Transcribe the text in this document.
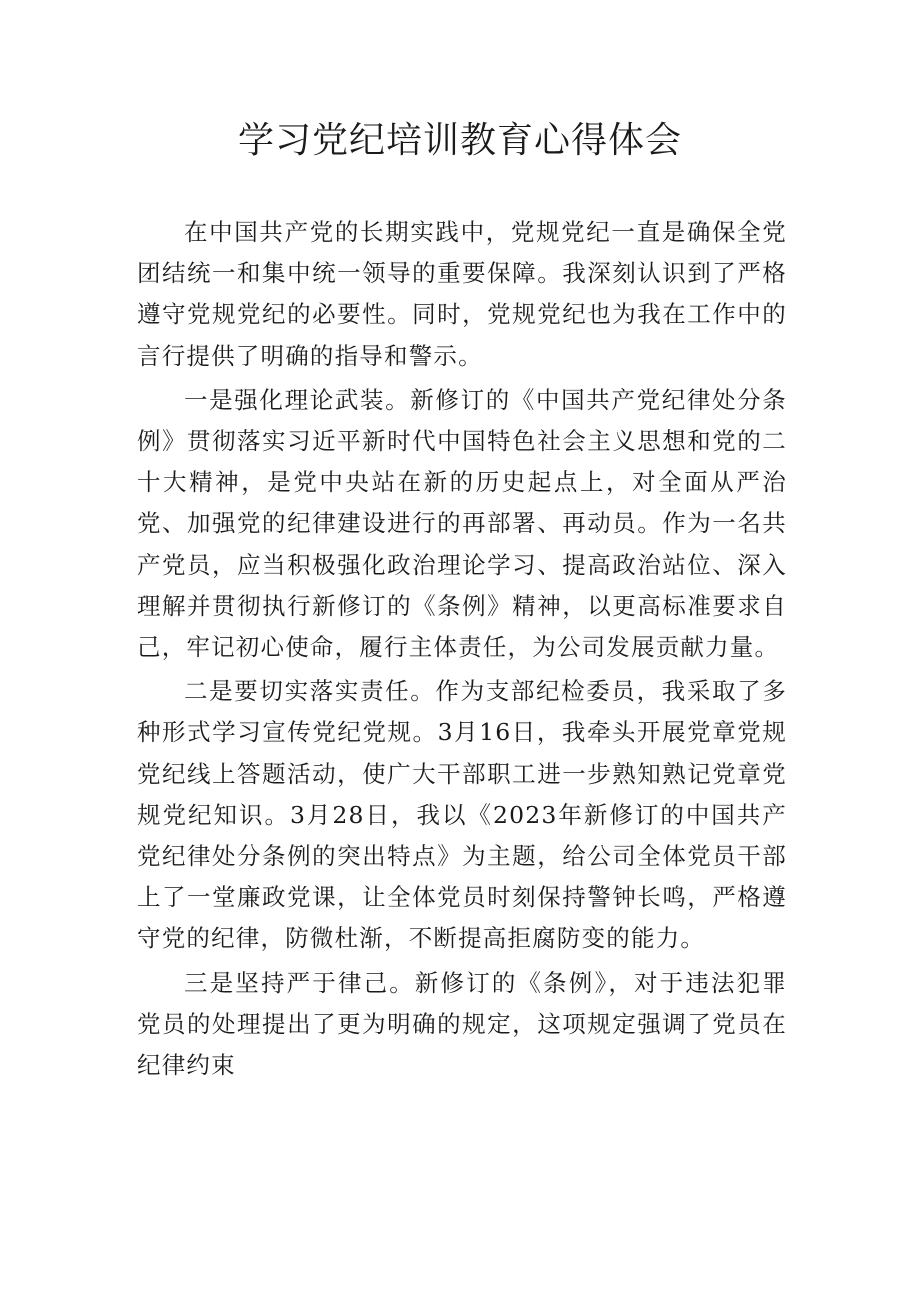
学习党纪培训教育心得体会

在中国共产党的长期实践中，党规党纪一直是确保全党团结统一和集中统一领导的重要保障。我深刻认识到了严格遵守党规党纪的必要性。同时，党规党纪也为我在工作中的言行提供了明确的指导和警示。

一是强化理论武装。新修订的《中国共产党纪律处分条例》贯彻落实习近平新时代中国特色社会主义思想和党的二十大精神，是党中央站在新的历史起点上，对全面从严治党、加强党的纪律建设进行的再部署、再动员。作为一名共产党员，应当积极强化政治理论学习、提高政治站位、深入理解并贯彻执行新修订的《条例》精神，以更高标准要求自己，牢记初心使命，履行主体责任，为公司发展贡献力量。

二是要切实落实责任。作为支部纪检委员，我采取了多种形式学习宣传党纪党规。3月16日，我牵头开展党章党规党纪线上答题活动，使广大干部职工进一步熟知熟记党章党规党纪知识。3月28日，我以《2023年新修订的中国共产党纪律处分条例的突出特点》为主题，给公司全体党员干部上了一堂廉政党课，让全体党员时刻保持警钟长鸣，严格遵守党的纪律，防微杜渐，不断提高拒腐防变的能力。

三是坚持严于律己。新修订的《条例》，对于违法犯罪党员的处理提出了更为明确的规定，这项规定强调了党员在纪律约束
